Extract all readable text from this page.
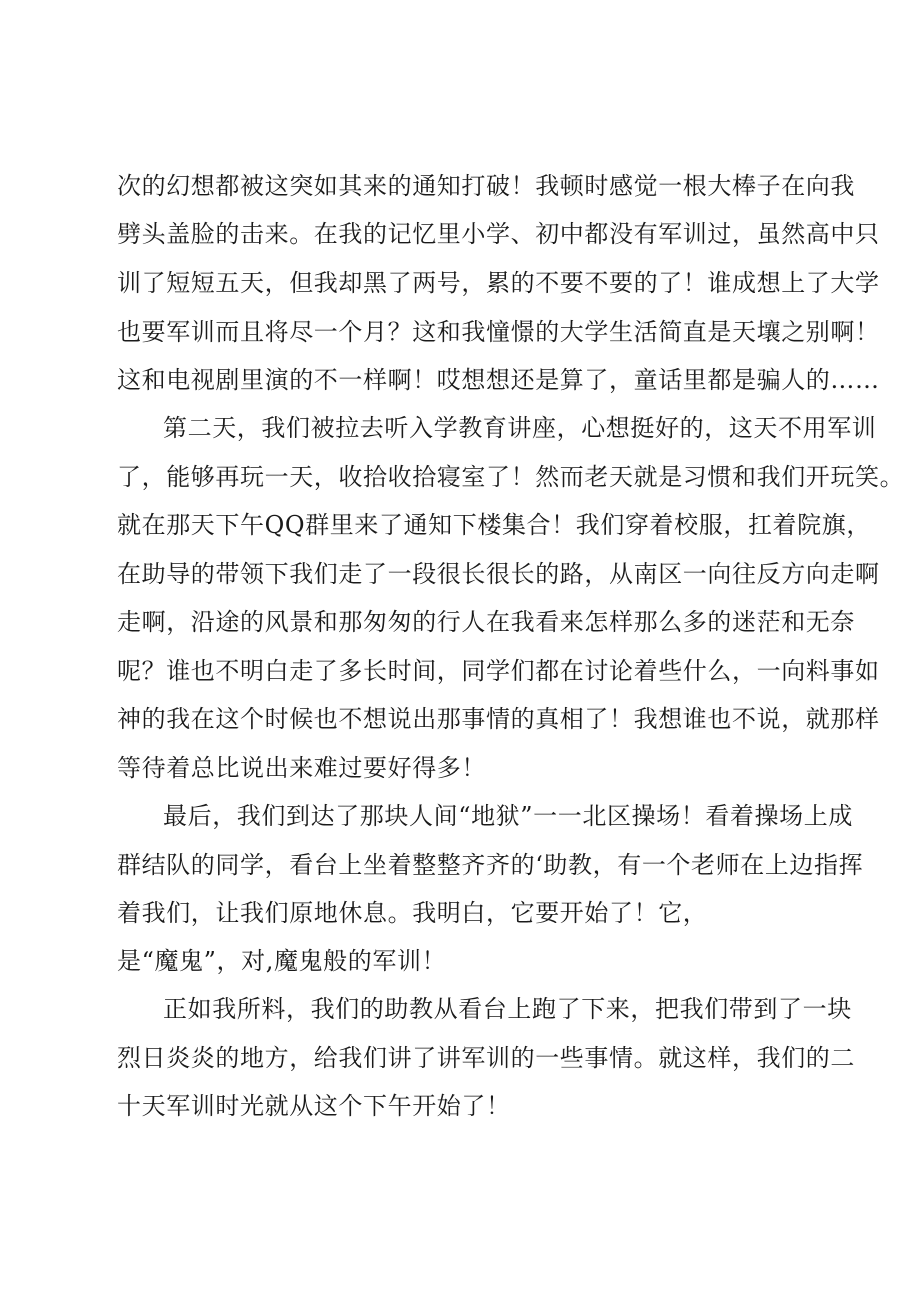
次的幻想都被这突如其来的通知打破！我顿时感觉一根大棒子在向我
劈头盖脸的击来。在我的记忆里小学、初中都没有军训过，虽然高中只
训了短短五天，但我却黑了两号，累的不要不要的了！谁成想上了大学
也要军训而且将尽一个月？这和我憧憬的大学生活简直是天壤之别啊！
这和电视剧里演的不一样啊！哎想想还是算了，童话里都是骗人的……
第二天，我们被拉去听入学教育讲座，心想挺好的，这天不用军训
了，能够再玩一天，收拾收拾寝室了！然而老天就是习惯和我们开玩笑。
就在那天下午QQ群里来了通知下楼集合！我们穿着校服，扛着院旗，
在助导的带领下我们走了一段很长很长的路，从南区一向往反方向走啊
走啊，沿途的风景和那匆匆的行人在我看来怎样那么多的迷茫和无奈
呢？谁也不明白走了多长时间，同学们都在讨论着些什么，一向料事如
神的我在这个时候也不想说出那事情的真相了！我想谁也不说，就那样
等待着总比说出来难过要好得多！
最后，我们到达了那块人间“地狱”一一北区操场！看着操场上成
群结队的同学，看台上坐着整整齐齐的‘助教，有一个老师在上边指挥
着我们，让我们原地休息。我明白，它要开始了！它，
是“魔鬼”，对,魔鬼般的军训！
正如我所料，我们的助教从看台上跑了下来，把我们带到了一块
烈日炎炎的地方，给我们讲了讲军训的一些事情。就这样，我们的二
十天军训时光就从这个下午开始了！
